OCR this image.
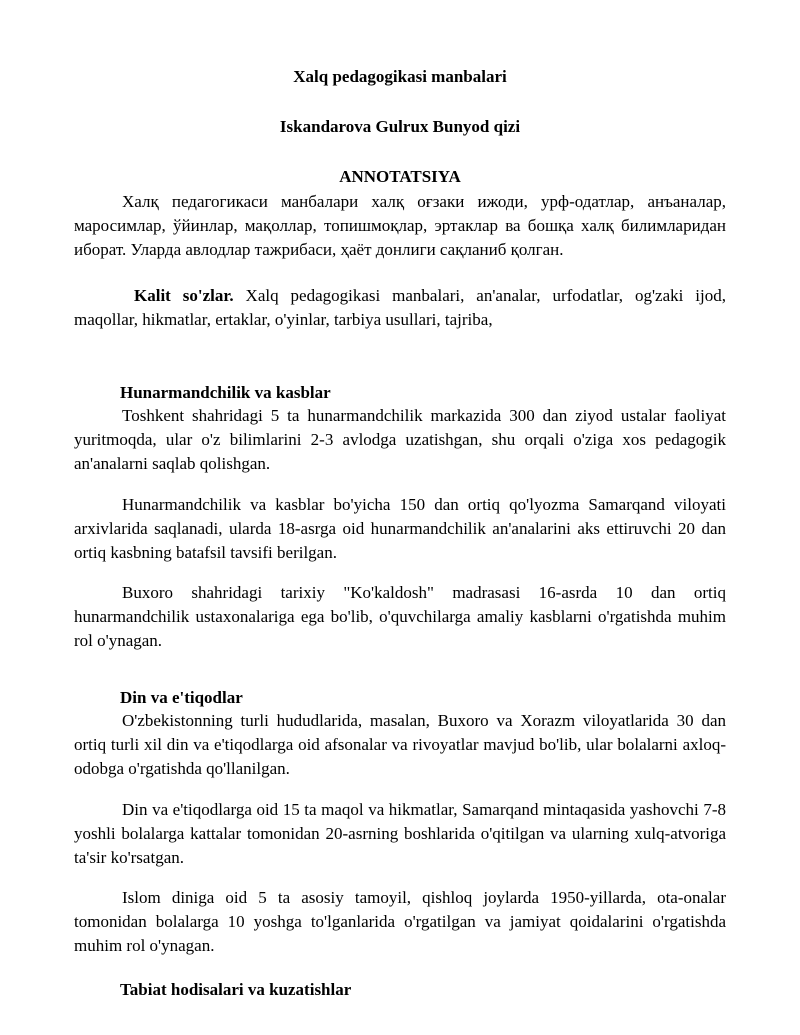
Xalq pedagogikasi manbalari
Iskandarova Gulrux Bunyod qizi
ANNOTATSIYA
Халқ педагогикаси манбалари халқ оғзаки ижоди, урф-одатлар, анъаналар, маросимлар, ўйинлар, мақоллар, топишмоқлар, эртаклар ва бошқа халқ билимларидан иборат. Уларда авлодлар тажрибаси, ҳаёт донлиги сақланиб қолган.
Kalit so'zlar. Xalq pedagogikasi manbalari, an'analar, urfodatlar, og'zaki ijod, maqollar, hikmatlar, ertaklar, o'yinlar, tarbiya usullari, tajriba,
Hunarmandchilik va kasblar
Toshkent shahridagi 5 ta hunarmandchilik markazida 300 dan ziyod ustalar faoliyat yuritmoqda, ular o'z bilimlarini 2-3 avlodga uzatishgan, shu orqali o'ziga xos pedagogik an'analarni saqlab qolishgan.
Hunarmandchilik va kasblar bo'yicha 150 dan ortiq qo'lyozma Samarqand viloyati arxivlarida saqlanadi, ularda 18-asrga oid hunarmandchilik an'analarini aks ettiruvchi 20 dan ortiq kasbning batafsil tavsifi berilgan.
Buxoro shahridagi tarixiy "Ko'kaldosh" madrasasi 16-asrda 10 dan ortiq hunarmandchilik ustaxonalariga ega bo'lib, o'quvchilarga amaliy kasblarni o'rgatishda muhim rol o'ynagan.
Din va e'tiqodlar
O'zbekistonning turli hududlarida, masalan, Buxoro va Xorazm viloyatlarida 30 dan ortiq turli xil din va e'tiqodlarga oid afsonalar va rivoyatlar mavjud bo'lib, ular bolalarni axloq-odobga o'rgatishda qo'llanilgan.
Din va e'tiqodlarga oid 15 ta maqol va hikmatlar, Samarqand mintaqasida yashovchi 7-8 yoshli bolalarga kattalar tomonidan 20-asrning boshlarida o'qitilgan va ularning xulq-atvoriga ta'sir ko'rsatgan.
Islom diniga oid 5 ta asosiy tamoyil, qishloq joylarda 1950-yillarda, ota-onalar tomonidan bolalarga 10 yoshga to'lganlarida o'rgatilgan va jamiyat qoidalarini o'rgatishda muhim rol o'ynagan.
Tabiat hodisalari va kuzatishlar
